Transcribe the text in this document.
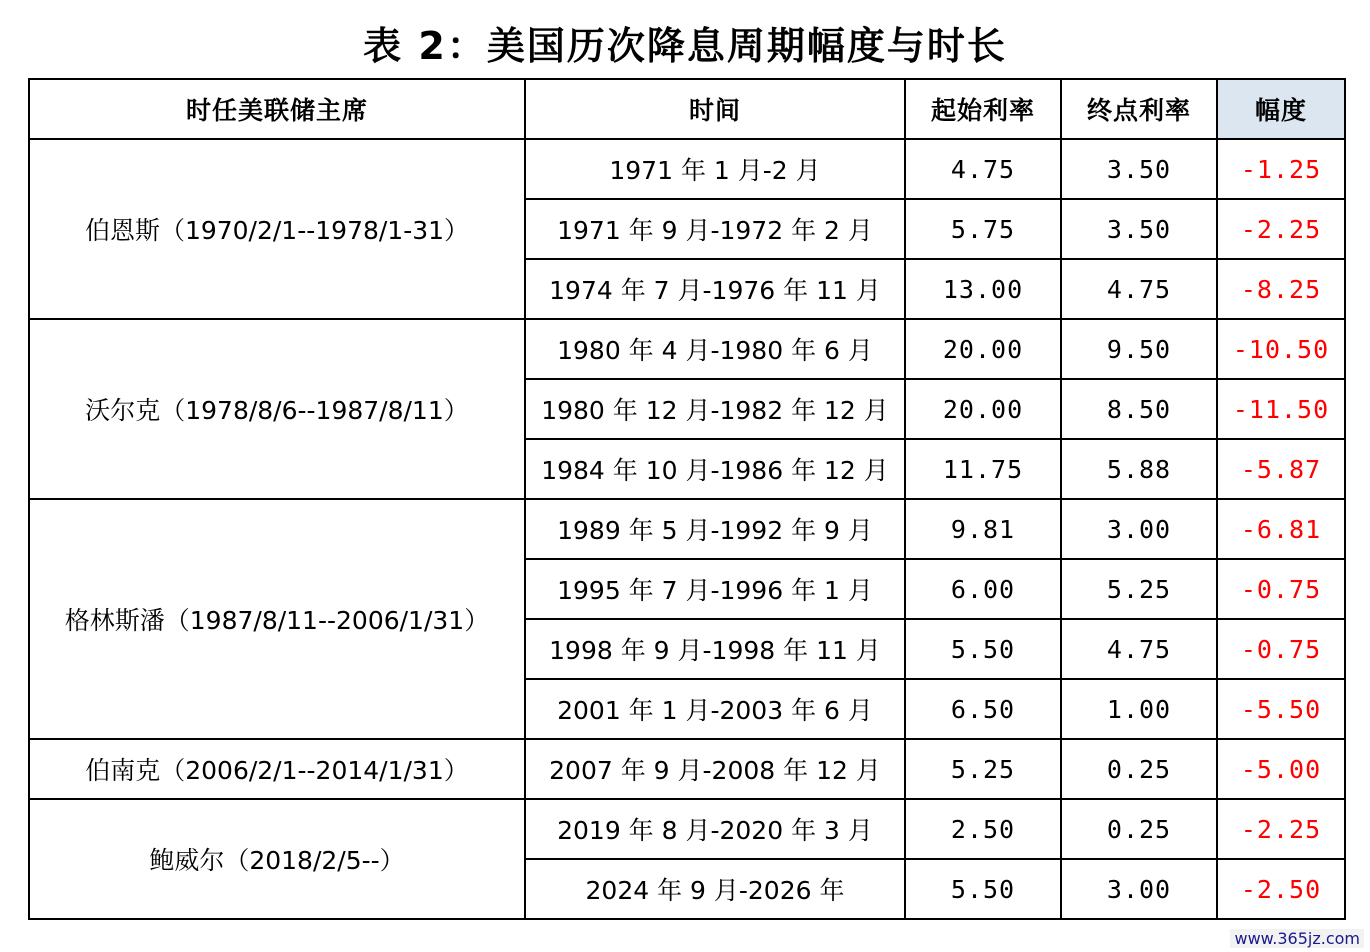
表 2：美国历次降息周期幅度与时长
时任美联储主席	时间	起始利率	终点利率	幅度
伯恩斯（1970/2/1--1978/1-31）	1971 年 1 月-2 月	4.75	3.50	-1.25
	1971 年 9 月-1972 年 2 月	5.75	3.50	-2.25
	1974 年 7 月-1976 年 11 月	13.00	4.75	-8.25
沃尔克（1978/8/6--1987/8/11）	1980 年 4 月-1980 年 6 月	20.00	9.50	-10.50
	1980 年 12 月-1982 年 12 月	20.00	8.50	-11.50
	1984 年 10 月-1986 年 12 月	11.75	5.88	-5.87
格林斯潘（1987/8/11--2006/1/31）	1989 年 5 月-1992 年 9 月	9.81	3.00	-6.81
	1995 年 7 月-1996 年 1 月	6.00	5.25	-0.75
	1998 年 9 月-1998 年 11 月	5.50	4.75	-0.75
	2001 年 1 月-2003 年 6 月	6.50	1.00	-5.50
伯南克（2006/2/1--2014/1/31）	2007 年 9 月-2008 年 12 月	5.25	0.25	-5.00
鲍威尔（2018/2/5--）	2019 年 8 月-2020 年 3 月	2.50	0.25	-2.25
	2024 年 9 月-2026 年	5.50	3.00	-2.50
www.365jz.com
